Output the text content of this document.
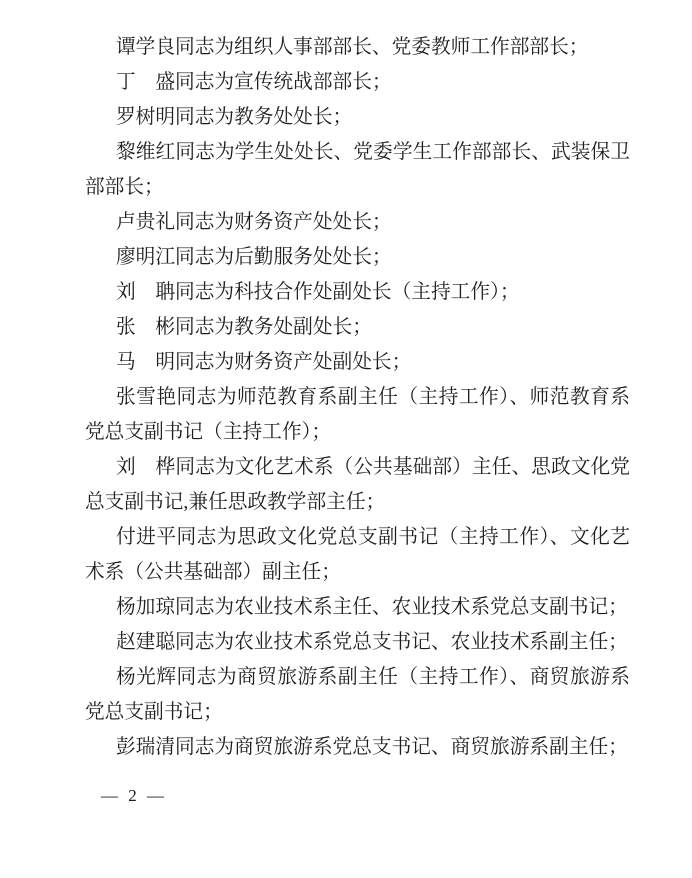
谭学良同志为组织人事部部长、党委教师工作部部长；

丁　盛同志为宣传统战部部长；

罗树明同志为教务处处长；

黎维红同志为学生处处长、党委学生工作部部长、武装保卫部部长；

卢贵礼同志为财务资产处处长；

廖明江同志为后勤服务处处长；

刘　聃同志为科技合作处副处长（主持工作）；

张　彬同志为教务处副处长；

马　明同志为财务资产处副处长；

张雪艳同志为师范教育系副主任（主持工作）、师范教育系党总支副书记（主持工作）；

刘　桦同志为文化艺术系（公共基础部）主任、思政文化党总支副书记,兼任思政教学部主任；

付进平同志为思政文化党总支副书记（主持工作）、文化艺术系（公共基础部）副主任；

杨加琼同志为农业技术系主任、农业技术系党总支副书记；

赵建聪同志为农业技术系党总支书记、农业技术系副主任；

杨光辉同志为商贸旅游系副主任（主持工作）、商贸旅游系党总支副书记；

彭瑞清同志为商贸旅游系党总支书记、商贸旅游系副主任；

— 2 —
